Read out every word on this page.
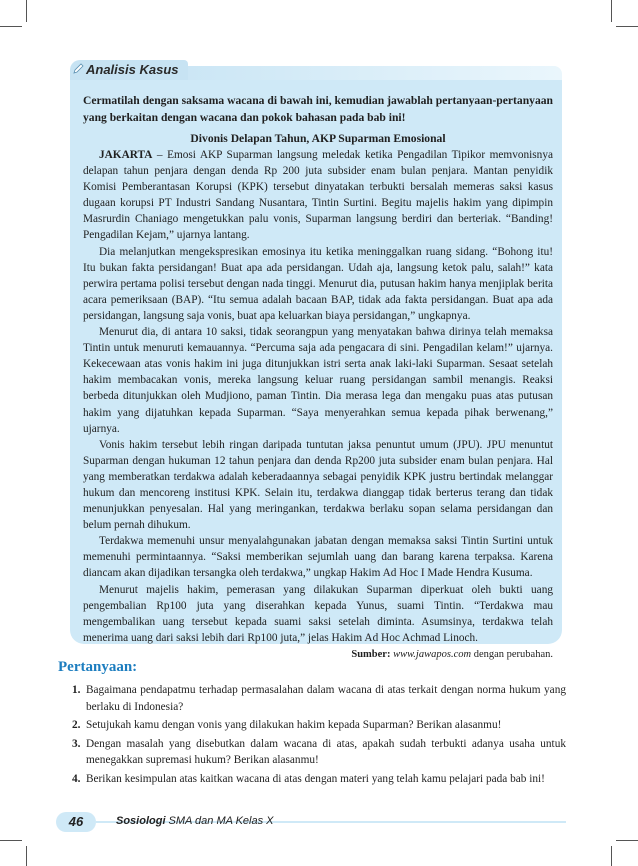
Analisis Kasus

Cermatilah dengan saksama wacana di bawah ini, kemudian jawablah pertanyaan-pertanyaan yang berkaitan dengan wacana dan pokok bahasan pada bab ini!

Divonis Delapan Tahun, AKP Suparman Emosional

JAKARTA – Emosi AKP Suparman langsung meledak ketika Pengadilan Tipikor memvonisnya delapan tahun penjara dengan denda Rp 200 juta subsider enam bulan penjara. Mantan penyidik Komisi Pemberantasan Korupsi (KPK) tersebut dinyatakan terbukti bersalah memeras saksi kasus dugaan korupsi PT Industri Sandang Nusantara, Tintin Surtini. Begitu majelis hakim yang dipimpin Masrurdin Chaniago mengetukkan palu vonis, Suparman langsung berdiri dan berteriak. “Banding! Pengadilan Kejam,” ujarnya lantang.

Dia melanjutkan mengekspresikan emosinya itu ketika meninggalkan ruang sidang. “Bohong itu! Itu bukan fakta persidangan! Buat apa ada persidangan. Udah aja, langsung ketok palu, salah!” kata perwira pertama polisi tersebut dengan nada tinggi. Menurut dia, putusan hakim hanya menjiplak berita acara pemeriksaan (BAP). “Itu semua adalah bacaan BAP, tidak ada fakta persidangan. Buat apa ada persidangan, langsung saja vonis, buat apa keluarkan biaya persidangan,” ungkapnya.

Menurut dia, di antara 10 saksi, tidak seorangpun yang menyatakan bahwa dirinya telah memaksa Tintin untuk menuruti kemauannya. “Percuma saja ada pengacara di sini. Pengadilan kelam!” ujarnya. Kekecewaan atas vonis hakim ini juga ditunjukkan istri serta anak laki-laki Suparman. Sesaat setelah hakim membacakan vonis, mereka langsung keluar ruang persidangan sambil menangis. Reaksi berbeda ditunjukkan oleh Mudjiono, paman Tintin. Dia merasa lega dan mengaku puas atas putusan hakim yang dijatuhkan kepada Suparman. “Saya menyerahkan semua kepada pihak berwenang,” ujarnya.

Vonis hakim tersebut lebih ringan daripada tuntutan jaksa penuntut umum (JPU). JPU menuntut Suparman dengan hukuman 12 tahun penjara dan denda Rp200 juta subsider enam bulan penjara. Hal yang memberatkan terdakwa adalah keberadaannya sebagai penyidik KPK justru bertindak melanggar hukum dan mencoreng institusi KPK. Selain itu, terdakwa dianggap tidak berterus terang dan tidak menunjukkan penyesalan. Hal yang meringankan, terdakwa berlaku sopan selama persidangan dan belum pernah dihukum.

Terdakwa memenuhi unsur menyalahgunakan jabatan dengan memaksa saksi Tintin Surtini untuk memenuhi permintaannya. “Saksi memberikan sejumlah uang dan barang karena terpaksa. Karena diancam akan dijadikan tersangka oleh terdakwa,” ungkap Hakim Ad Hoc I Made Hendra Kusuma.

Menurut majelis hakim, pemerasan yang dilakukan Suparman diperkuat oleh bukti uang pengembalian Rp100 juta yang diserahkan kepada Yunus, suami Tintin. “Terdakwa mau mengembalikan uang tersebut kepada suami saksi setelah diminta. Asumsinya, terdakwa telah menerima uang dari saksi lebih dari Rp100 juta,” jelas Hakim Ad Hoc Achmad Linoch.

Sumber: www.jawapos.com dengan perubahan.
Pertanyaan:
1. Bagaimana pendapatmu terhadap permasalahan dalam wacana di atas terkait dengan norma hukum yang berlaku di Indonesia?
2. Setujukah kamu dengan vonis yang dilakukan hakim kepada Suparman? Berikan alasanmu!
3. Dengan masalah yang disebutkan dalam wacana di atas, apakah sudah terbukti adanya usaha untuk menegakkan supremasi hukum? Berikan alasanmu!
4. Berikan kesimpulan atas kaitkan wacana di atas dengan materi yang telah kamu pelajari pada bab ini!
46	Sosiologi SMA dan MA Kelas X
